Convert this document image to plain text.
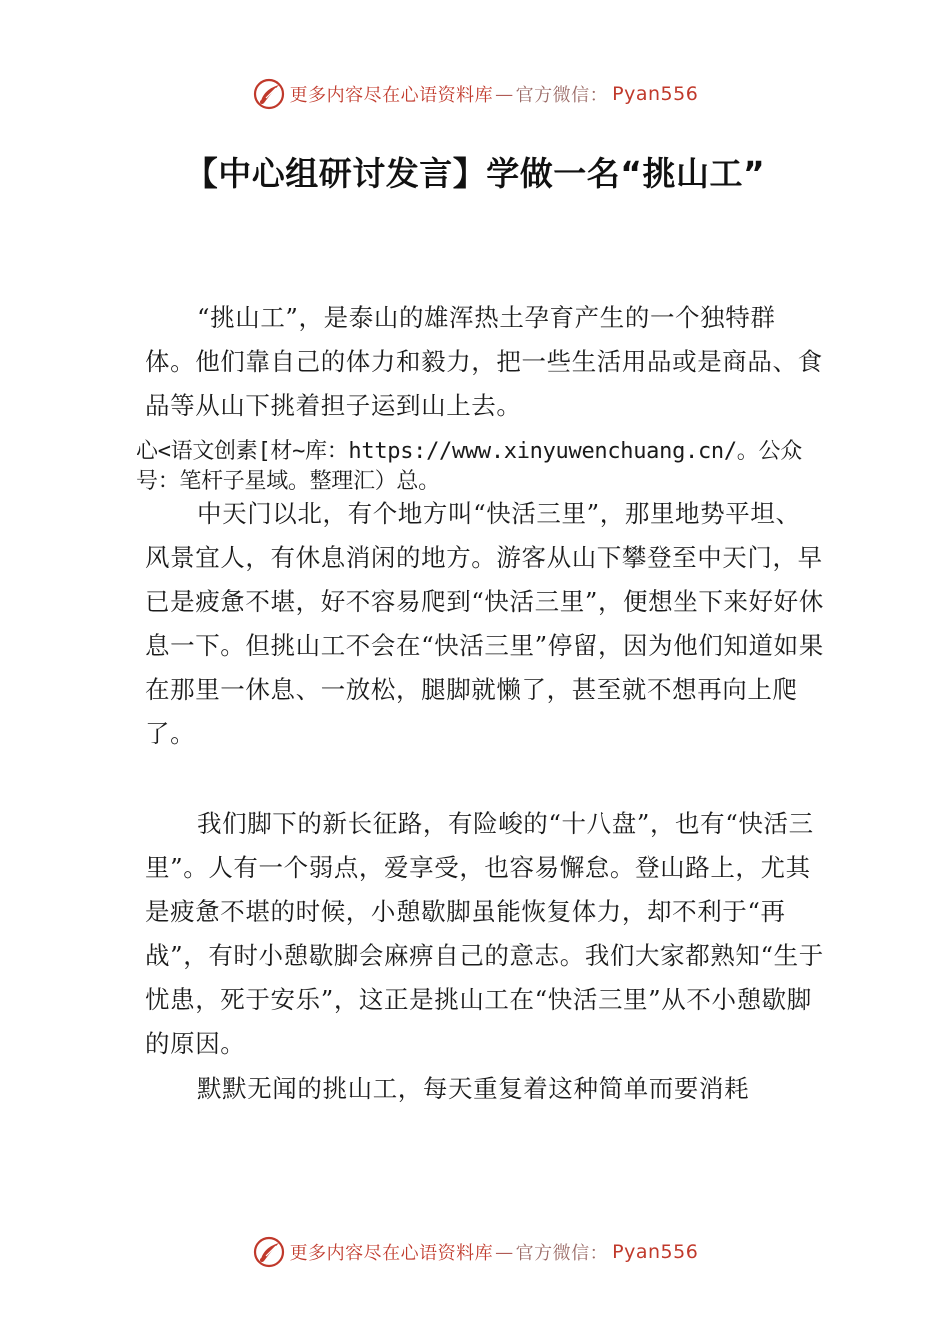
更多内容尽在心语资料库 — 官方微信： Pyan556
【中心组研讨发言】学做一名“挑山工”

“挑山工”，是泰山的雄浑热土孕育产生的一个独特群体。他们靠自己的体力和毅力，把一些生活用品或是商品、食品等从山下挑着担子运到山上去。

心<语文创素[材~库：https://www.xinyuwenchuang.cn/。公众号：笔杆子星域。整理汇）总。

中天门以北，有个地方叫“快活三里”，那里地势平坦、风景宜人，有休息消闲的地方。游客从山下攀登至中天门，早已是疲惫不堪，好不容易爬到“快活三里”，便想坐下来好好休息一下。但挑山工不会在“快活三里”停留，因为他们知道如果在那里一休息、一放松，腿脚就懒了，甚至就不想再向上爬了。

我们脚下的新长征路，有险峻的“十八盘”，也有“快活三里”。人有一个弱点，爱享受，也容易懈怠。登山路上，尤其是疲惫不堪的时候，小憩歇脚虽能恢复体力，却不利于“再战”，有时小憩歇脚会麻痹自己的意志。我们大家都熟知“生于忧患，死于安乐”，这正是挑山工在“快活三里”从不小憩歇脚的原因。

默默无闻的挑山工，每天重复着这种简单而要消耗

更多内容尽在心语资料库 — 官方微信： Pyan556
